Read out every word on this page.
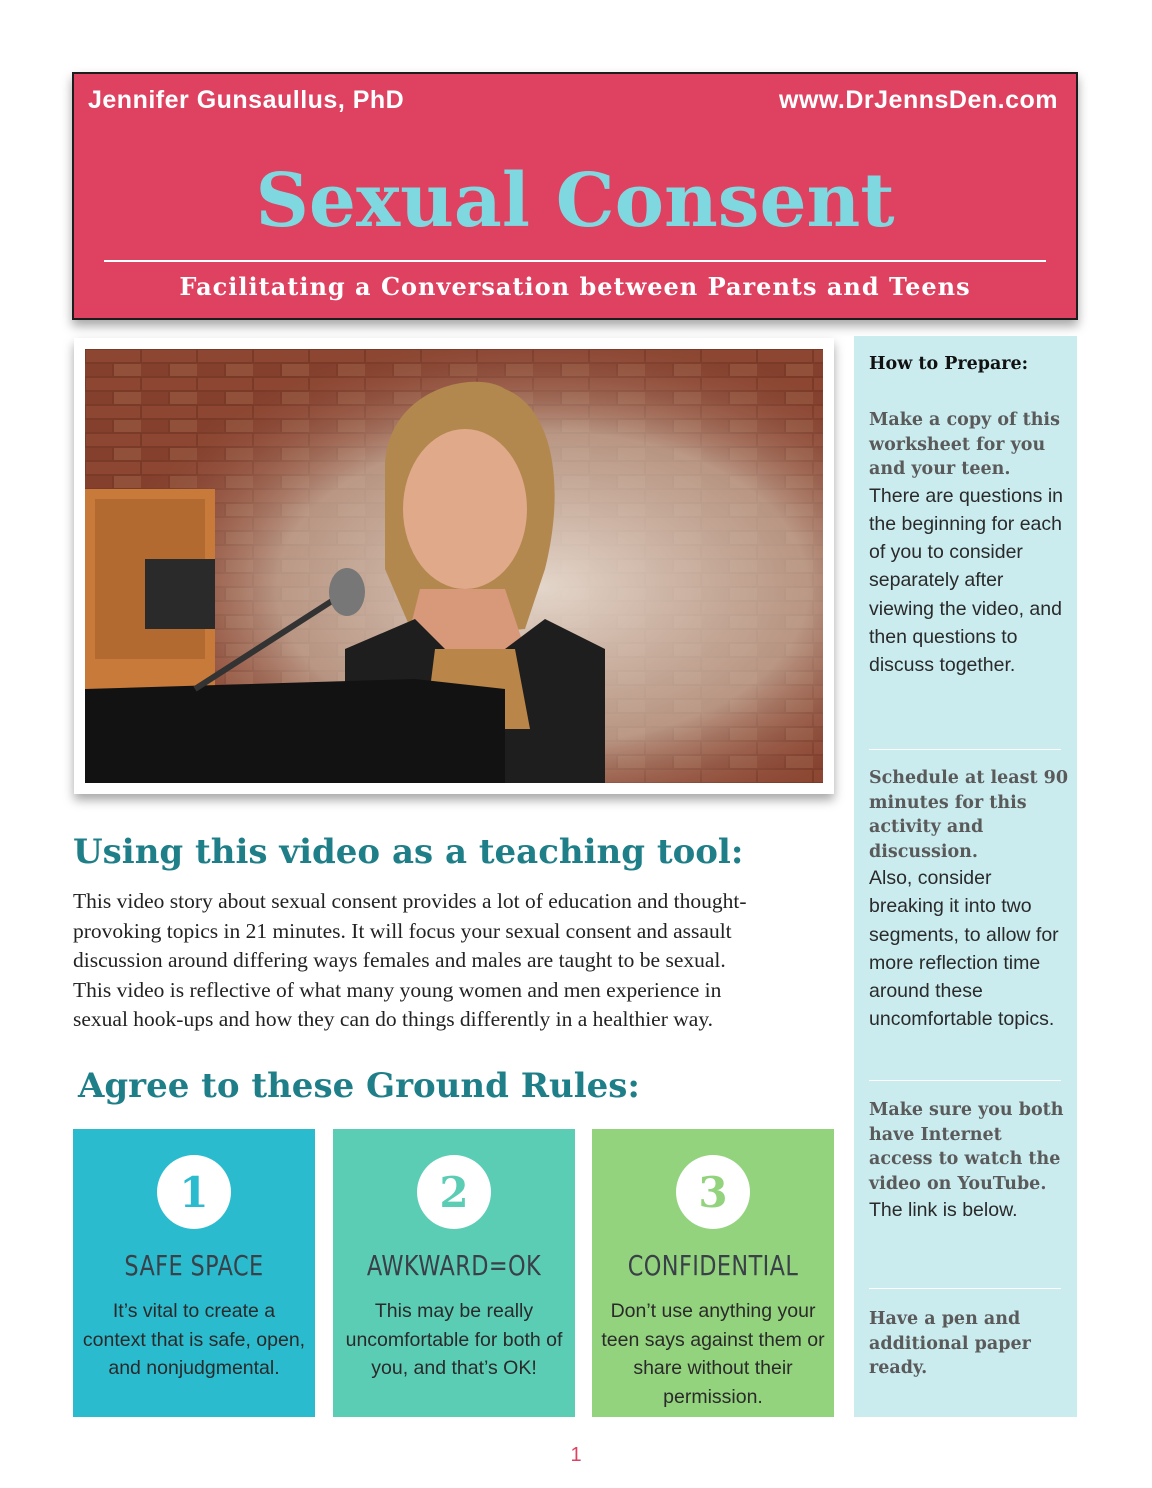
Jennifer Gunsaullus, PhD	www.DrJennsDen.com
Sexual Consent
Facilitating a Conversation between Parents and Teens
Using this video as a teaching tool:
This video story about sexual consent provides a lot of education and thought-
provoking topics in 21 minutes. It will focus your sexual consent and assault
discussion around differing ways females and males are taught to be sexual.
This video is reflective of what many young women and men experience in
sexual hook-ups and how they can do things differently in a healthier way.
Agree to these Ground Rules:
1
SAFE SPACE
It’s vital to create a context that is safe, open, and nonjudgmental.
2
AWKWARD=OK
This may be really uncomfortable for both of you, and that’s OK!
3
CONFIDENTIAL
Don’t use anything your teen says against them or share without their permission.
How to Prepare:
Make a copy of this worksheet for you and your teen.
There are questions in the beginning for each of you to consider separately after viewing the video, and then questions to discuss together.
Schedule at least 90 minutes for this activity and discussion.
Also, consider breaking it into two segments, to allow for more reflection time around these uncomfortable topics.
Make sure you both have Internet access to watch the video on YouTube.
The link is below.
Have a pen and additional paper ready.
1
